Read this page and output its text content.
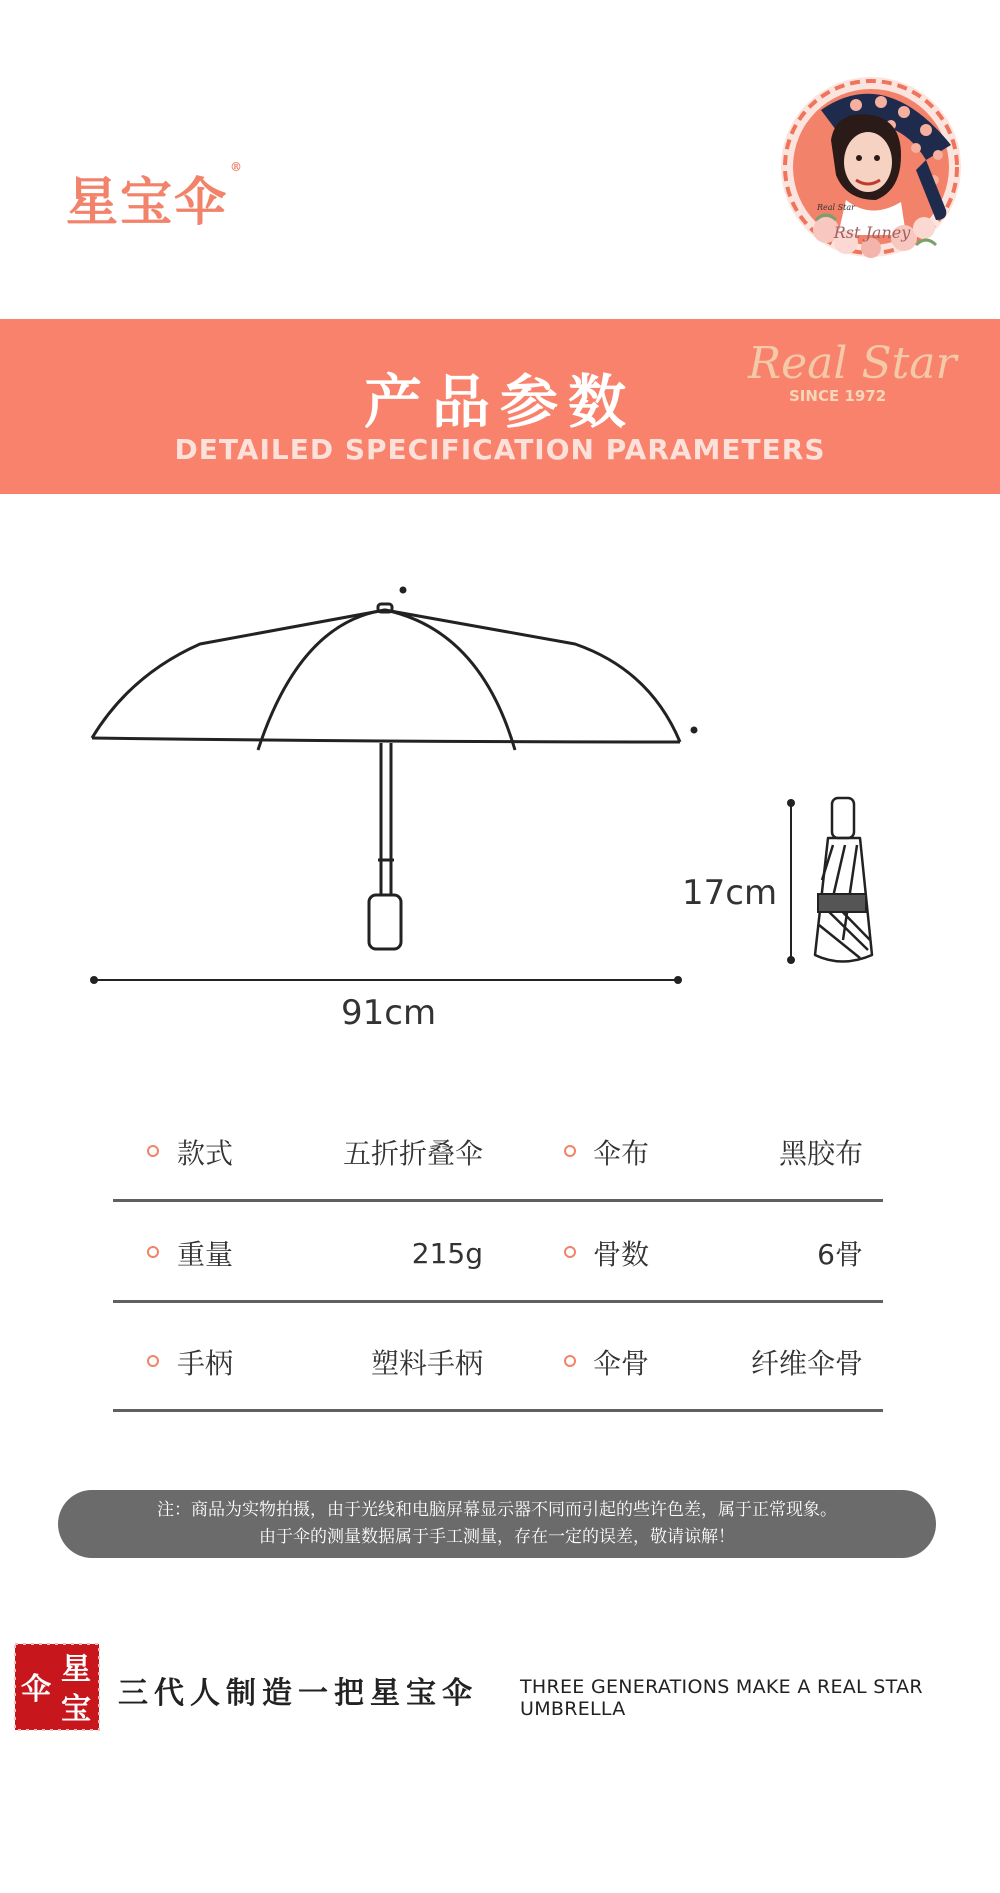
星宝伞®
Rst Janey
Real Star
产品参数
DETAILED SPECIFICATION PARAMETERS
Real Star
SINCE 1972
91cm
17cm
款式	五折折叠伞	伞布	黑胶布
重量	215g	骨数	6骨
手柄	塑料手柄	伞骨	纤维伞骨
注：商品为实物拍摄，由于光线和电脑屏幕显示器不同而引起的些许色差，属于正常现象。
由于伞的测量数据属于手工测量，存在一定的误差，敬请谅解！
伞
星
宝 三代人制造一把星宝伞 THREE GENERATIONS MAKE A REAL STAR UMBRELLA
